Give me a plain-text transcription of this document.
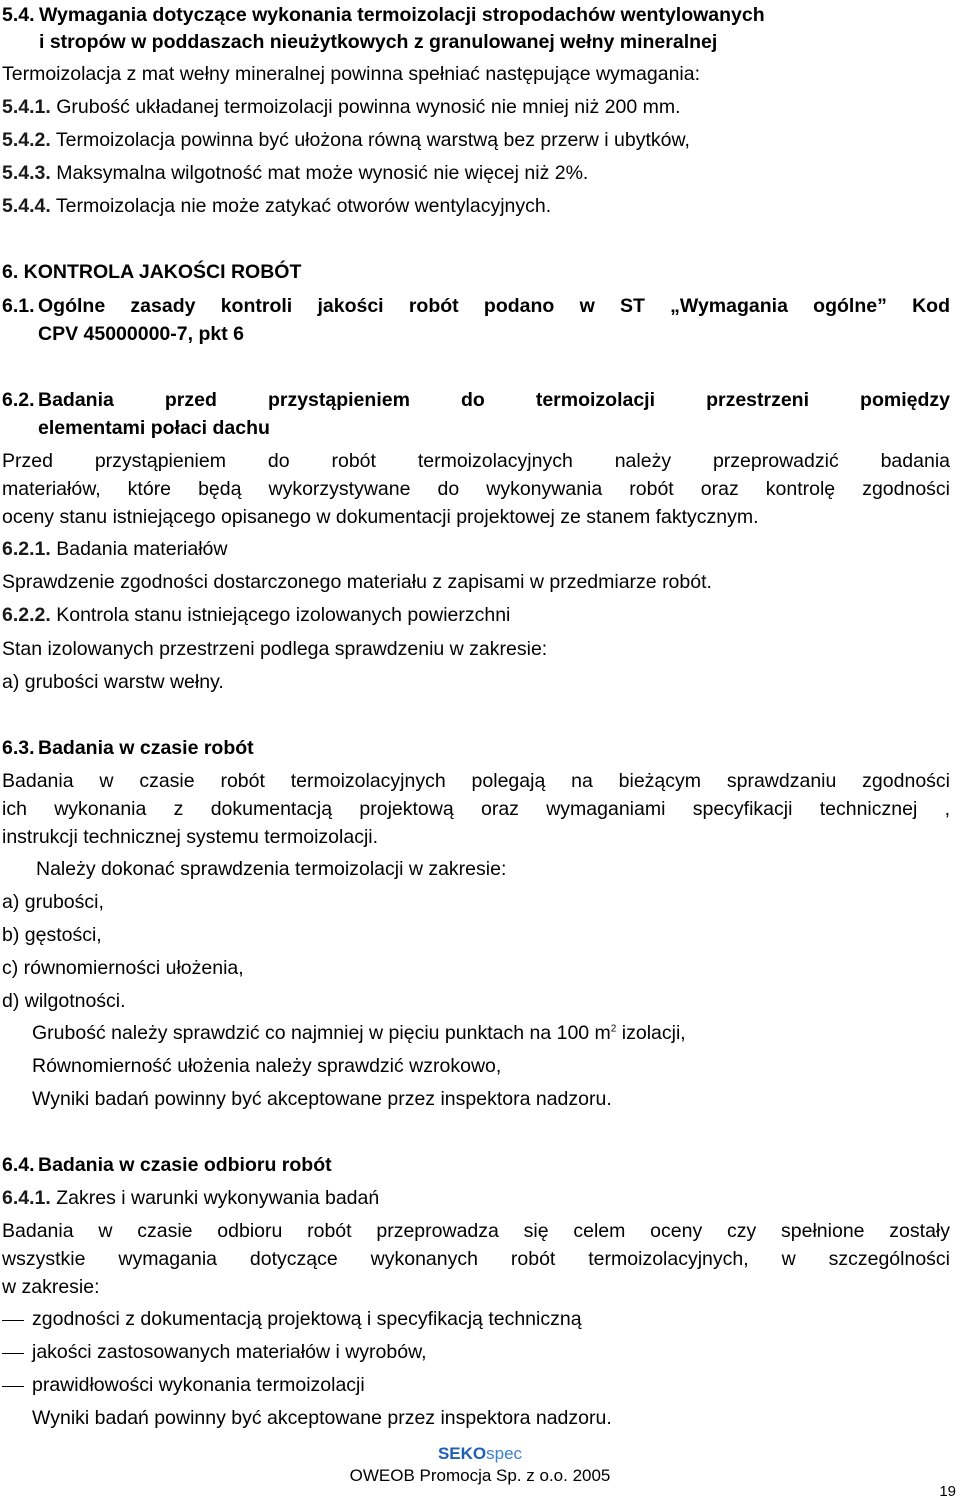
5.4. Wymagania dotyczące wykonania termoizolacji stropodachów wentylowanych
i stropów w poddaszach nieużytkowych z granulowanej wełny mineralnej
Termoizolacja z mat wełny mineralnej powinna spełniać następujące wymagania:
5.4.1. Grubość układanej termoizolacji powinna wynosić nie mniej niż 200 mm.
5.4.2. Termoizolacja powinna być ułożona równą warstwą bez przerw i ubytków,
5.4.3. Maksymalna wilgotność mat może wynosić nie więcej niż 2%.
5.4.4. Termoizolacja nie może zatykać otworów wentylacyjnych.
6. KONTROLA JAKOŚCI ROBÓT
6.1. Ogólne zasady kontroli jakości robót podano w ST „Wymagania ogólne” Kod
CPV 45000000-7, pkt 6
6.2. Badania przed przystąpieniem do termoizolacji przestrzeni pomiędzy
elementami połaci dachu
Przed przystąpieniem do robót termoizolacyjnych należy przeprowadzić badania
materiałów, które będą wykorzystywane do wykonywania robót oraz kontrolę zgodności
oceny stanu istniejącego opisanego w dokumentacji projektowej ze stanem faktycznym.
6.2.1. Badania materiałów
Sprawdzenie zgodności dostarczonego materiału z zapisami w przedmiarze robót.
6.2.2. Kontrola stanu istniejącego izolowanych powierzchni
Stan izolowanych przestrzeni podlega sprawdzeniu w zakresie:
a) grubości warstw wełny.
6.3. Badania w czasie robót
Badania w czasie robót termoizolacyjnych polegają na bieżącym sprawdzaniu zgodności
ich wykonania z dokumentacją projektową oraz wymaganiami specyfikacji technicznej ,
instrukcji technicznej systemu termoizolacji.
Należy dokonać sprawdzenia termoizolacji w zakresie:
a) grubości,
b) gęstości,
c) równomierności ułożenia,
d) wilgotności.
Grubość należy sprawdzić co najmniej w pięciu punktach na 100 $m^2$ izolacji,
Równomierność ułożenia należy sprawdzić wzrokowo,
Wyniki badań powinny być akceptowane przez inspektora nadzoru.
6.4. Badania w czasie odbioru robót
6.4.1. Zakres i warunki wykonywania badań
Badania w czasie odbioru robót przeprowadza się celem oceny czy spełnione zostały
wszystkie wymagania dotyczące wykonanych robót termoizolacyjnych, w szczególności
w zakresie:
zgodności z dokumentacją projektową i specyfikacją techniczną
jakości zastosowanych materiałów i wyrobów,
prawidłowości wykonania termoizolacji
Wyniki badań powinny być akceptowane przez inspektora nadzoru.
SEKOspec
OWEOB Promocja Sp. z o.o. 2005
19
